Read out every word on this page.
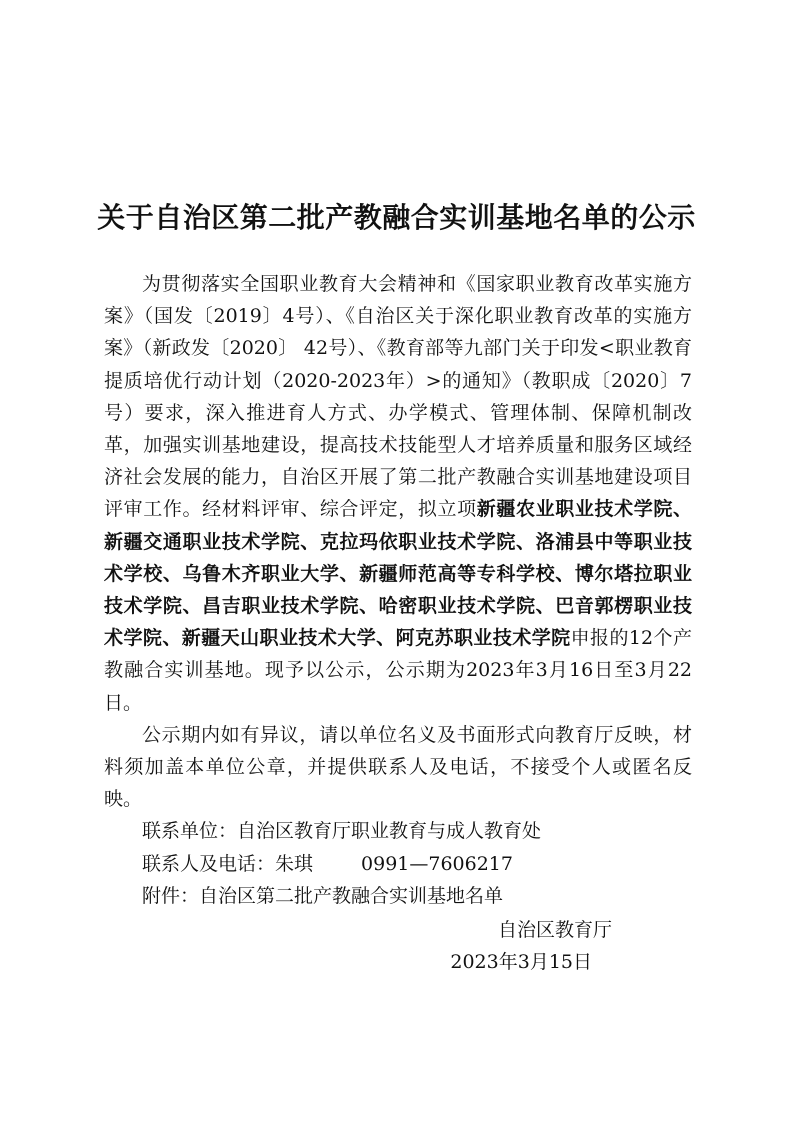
关于自治区第二批产教融合实训基地名单的公示

为贯彻落实全国职业教育大会精神和《国家职业教育改革实施方案》（国发〔2019〕4号）、《自治区关于深化职业教育改革的实施方案》（新政发〔2020〕 42号）、《教育部等九部门关于印发<职业教育提质培优行动计划（2020-2023年）>的通知》（教职成〔2020〕7号）要求，深入推进育人方式、办学模式、管理体制、保障机制改革，加强实训基地建设，提高技术技能型人才培养质量和服务区域经济社会发展的能力，自治区开展了第二批产教融合实训基地建设项目评审工作。经材料评审、综合评定，拟立项新疆农业职业技术学院、新疆交通职业技术学院、克拉玛依职业技术学院、洛浦县中等职业技术学校、乌鲁木齐职业大学、新疆师范高等专科学校、博尔塔拉职业技术学院、昌吉职业技术学院、哈密职业技术学院、巴音郭楞职业技术学院、新疆天山职业技术大学、阿克苏职业技术学院申报的12个产教融合实训基地。现予以公示，公示期为2023年3月16日至3月22日。

公示期内如有异议，请以单位名义及书面形式向教育厅反映，材料须加盖本单位公章，并提供联系人及电话，不接受个人或匿名反映。

联系单位：自治区教育厅职业教育与成人教育处
联系人及电话：朱琪	0991—7606217
附件：自治区第二批产教融合实训基地名单
自治区教育厅
2023年3月15日
